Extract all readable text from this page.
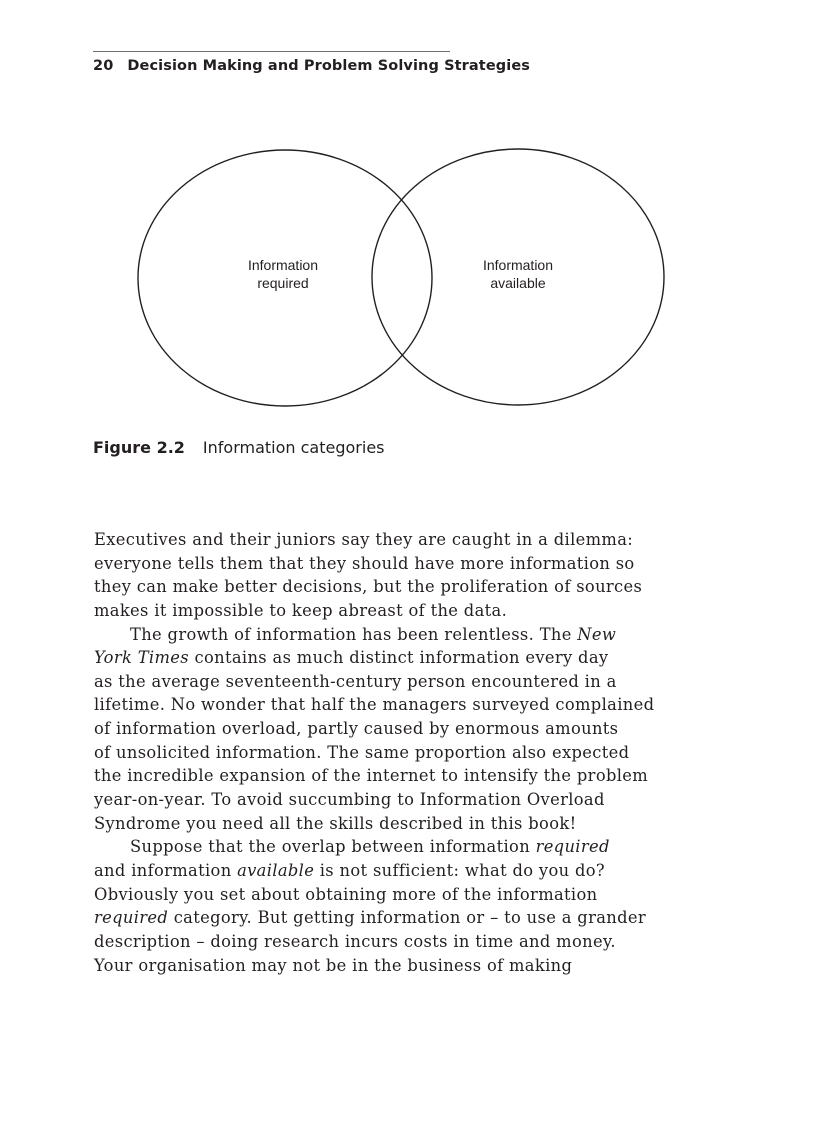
20 Decision Making and Problem Solving Strategies
Information
required
Information
available
Figure 2.2 Information categories
Executives and their juniors say they are caught in a dilemma:
everyone tells them that they should have more information so
they can make better decisions, but the proliferation of sources
makes it impossible to keep abreast of the data.
The growth of information has been relentless. The New
York Times contains as much distinct information every day
as the average seventeenth-century person encountered in a
lifetime. No wonder that half the managers surveyed complained
of information overload, partly caused by enormous amounts
of unsolicited information. The same proportion also expected
the incredible expansion of the internet to intensify the problem
year-on-year. To avoid succumbing to Information Overload
Syndrome you need all the skills described in this book!
Suppose that the overlap between information required
and information available is not sufficient: what do you do?
Obviously you set about obtaining more of the information
required category. But getting information or – to use a grander
description – doing research incurs costs in time and money.
Your organisation may not be in the business of making
